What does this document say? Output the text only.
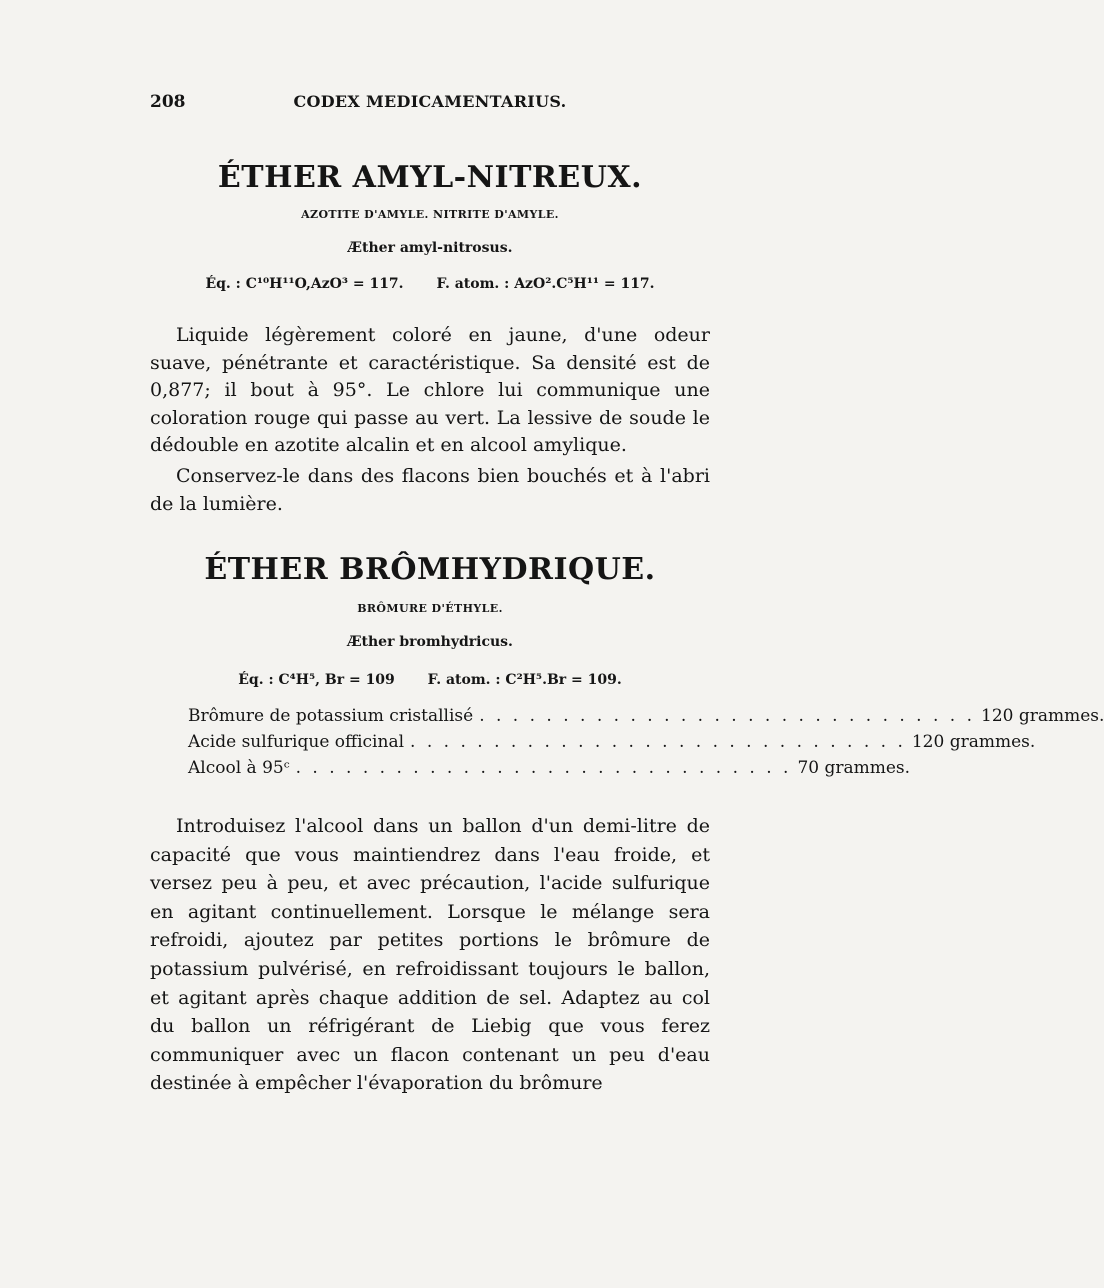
208	CODEX MEDICAMENTARIUS.
ÉTHER AMYL-NITREUX.
AZOTITE D'AMYLE. NITRITE D'AMYLE.
Æther amyl-nitrosus.
Éq. : C¹⁰H¹¹O,AzO³ = 117. F. atom. : AzO².C⁵H¹¹ = 117.
Liquide légèrement coloré en jaune, d'une odeur suave, pénétrante et caractéristique. Sa densité est de 0,877; il bout à 95°. Le chlore lui communique une coloration rouge qui passe au vert. La lessive de soude le dédouble en azotite alcalin et en alcool amylique.
Conservez-le dans des flacons bien bouchés et à l'abri de la lumière.
ÉTHER BRÔMHYDRIQUE.
BRÔMURE D'ÉTHYLE.
Æther bromhydricus.
Éq. : C⁴H⁵, Br = 109 F. atom. : C²H⁵.Br = 109.
Brômure de potassium cristallisé . . . . . . . . . . . . . . . . . . . . . . . . . . . . . . 120 grammes.
Acide sulfurique officinal . . . . . . . . . . . . . . . . . . . . . . . . . . . . . . 120 grammes.
Alcool à 95ᶜ . . . . . . . . . . . . . . . . . . . . . . . . . . . . . . 70 grammes.
Introduisez l'alcool dans un ballon d'un demi-litre de capacité que vous maintiendrez dans l'eau froide, et versez peu à peu, et avec précaution, l'acide sulfurique en agitant continuellement. Lorsque le mélange sera refroidi, ajoutez par petites portions le brômure de potassium pulvérisé, en refroidissant toujours le ballon, et agitant après chaque addition de sel. Adaptez au col du ballon un réfrigérant de Liebig que vous ferez communiquer avec un flacon contenant un peu d'eau destinée à empêcher l'évaporation du brômure
